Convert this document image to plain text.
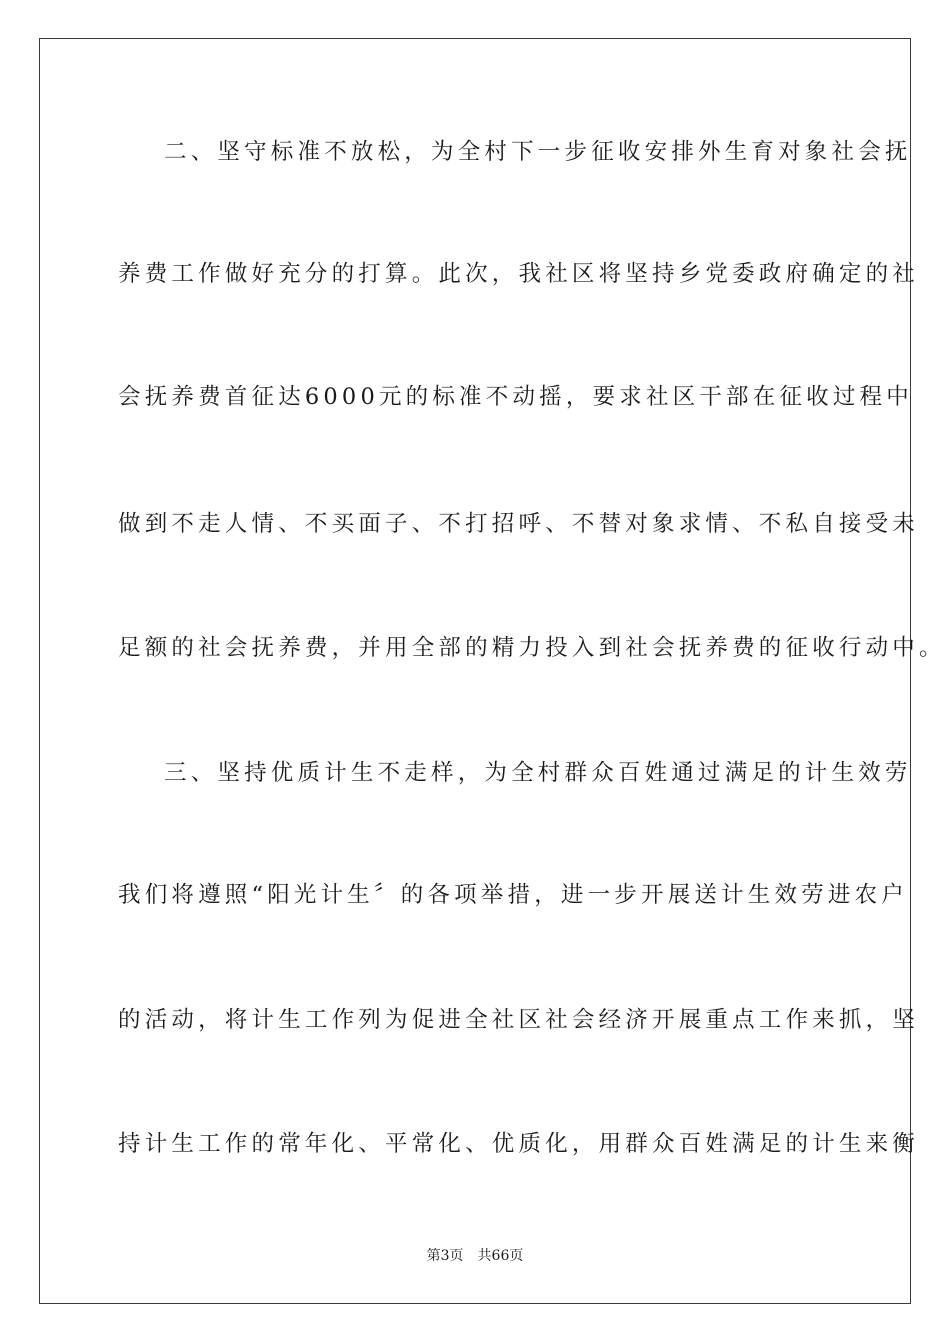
二、坚守标准不放松，为全村下一步征收安排外生育对象社会抚
养费工作做好充分的打算。此次，我社区将坚持乡党委政府确定的社
会抚养费首征达6000元的标准不动摇，要求社区干部在征收过程中
做到不走人情、不买面子、不打招呼、不替对象求情、不私自接受未
足额的社会抚养费，并用全部的精力投入到社会抚养费的征收行动中。
三、坚持优质计生不走样，为全村群众百姓通过满足的计生效劳
我们将遵照“阳光计生〞的各项举措，进一步开展送计生效劳进农户
的活动，将计生工作列为促进全社区社会经济开展重点工作来抓，坚
持计生工作的常年化、平常化、优质化，用群众百姓满足的计生来衡
第3页 共66页
